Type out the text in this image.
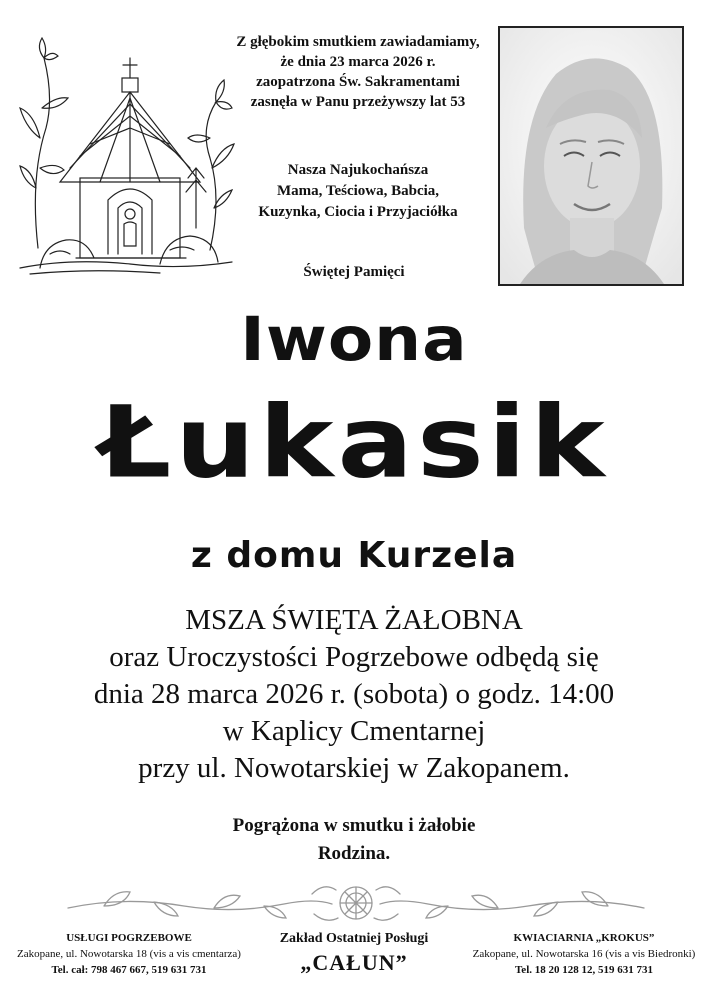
Z głębokim smutkiem zawiadamiamy,
że dnia 23 marca 2026 r.
zaopatrzona Św. Sakramentami
zasnęła w Panu przeżywszy lat 53
Nasza Najukochańsza
Mama, Teściowa, Babcia,
Kuzynka, Ciocia i Przyjaciółka
Świętej Pamięci
Iwona
Łukasik
z domu Kurzela
MSZA ŚWIĘTA ŻAŁOBNA
oraz Uroczystości Pogrzebowe odbędą się
dnia 28 marca 2026 r. (sobota) o godz. 14:00
w Kaplicy Cmentarnej
przy ul. Nowotarskiej w Zakopanem.
Pogrążona w smutku i żałobie
Rodzina.
USŁUGI POGRZEBOWE
Zakopane, ul. Nowotarska 18 (vis a vis cmentarza)
Tel. cał: 798 467 667, 519 631 731
Zakład Ostatniej Posługi
„CAŁUN”
KWIACIARNIA „KROKUS”
Zakopane, ul. Nowotarska 16 (vis a vis Biedronki)
Tel. 18 20 128 12, 519 631 731
